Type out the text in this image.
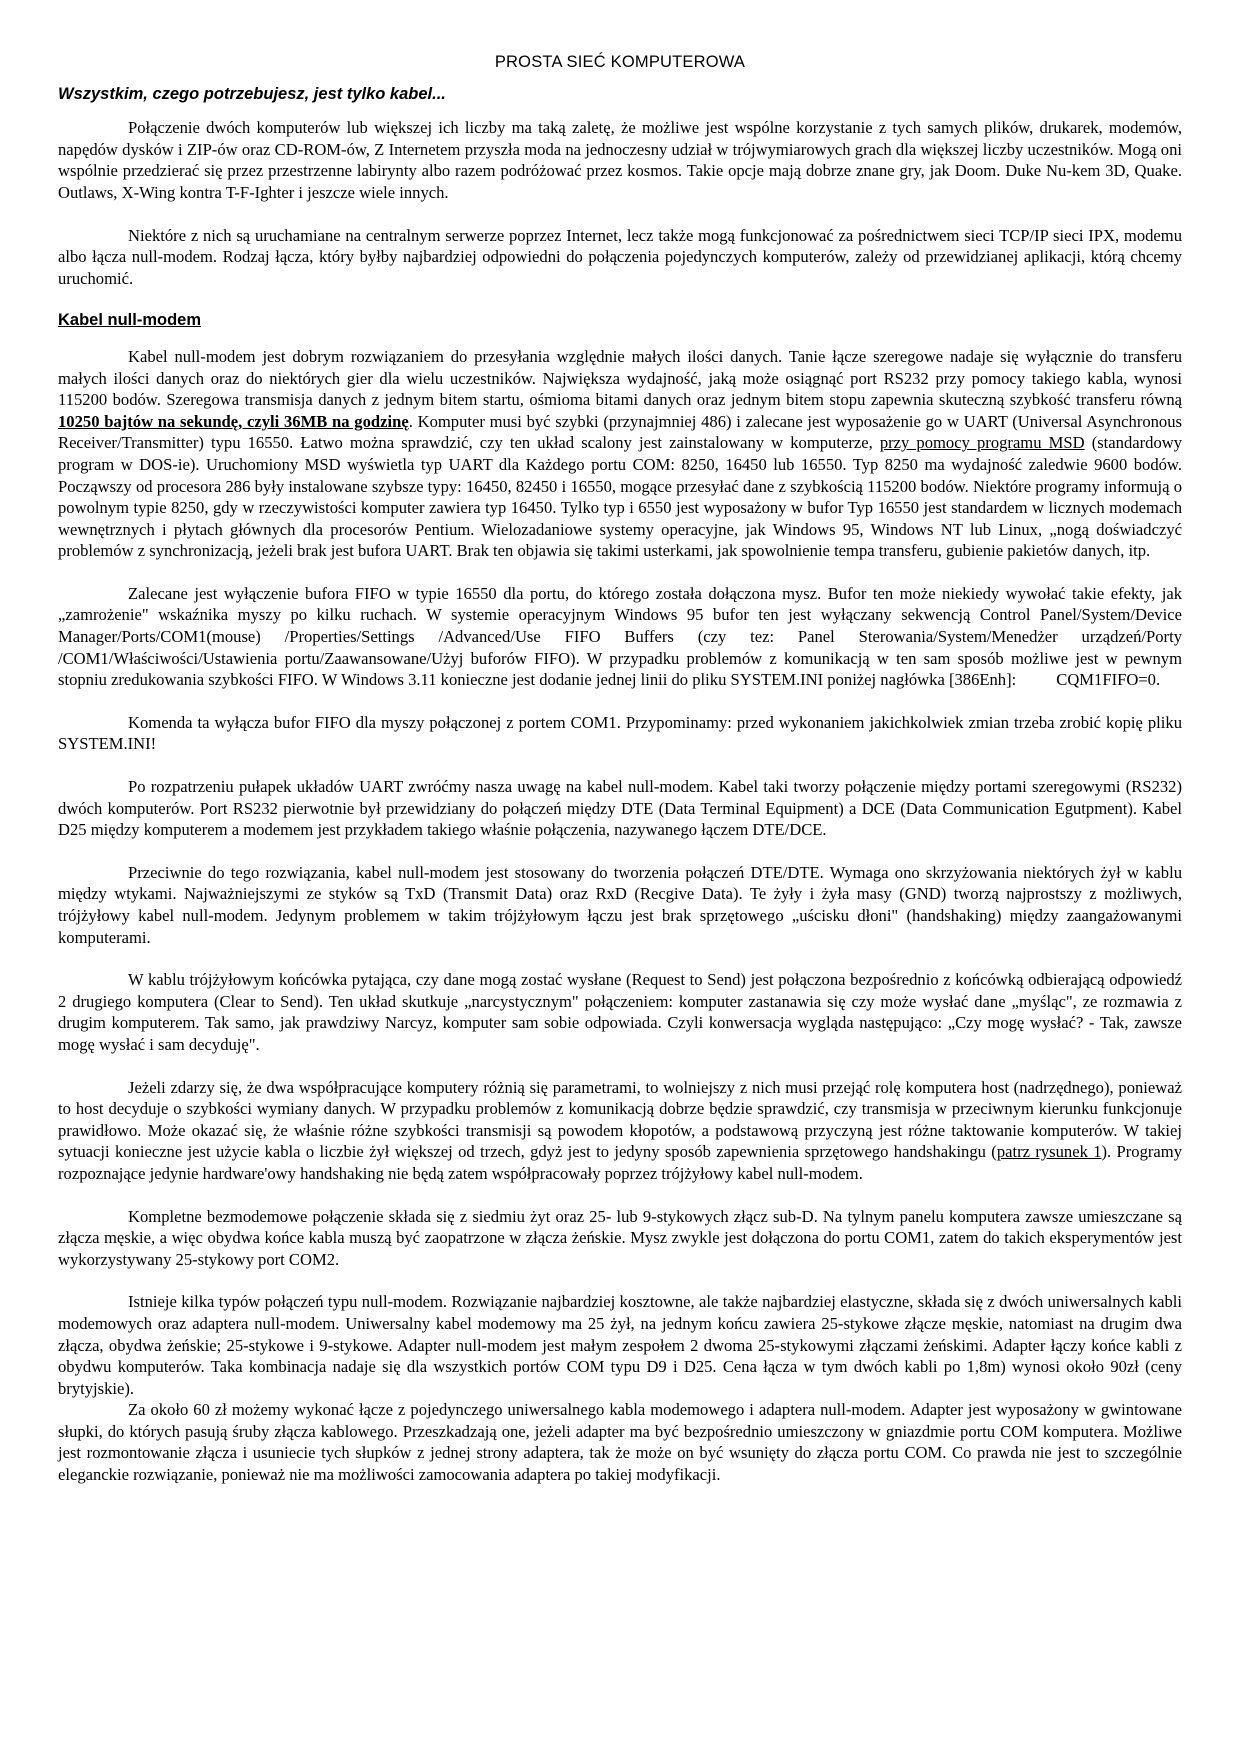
PROSTA SIEĆ KOMPUTEROWA
Wszystkim, czego potrzebujesz, jest tylko kabel...

Połączenie dwóch komputerów lub większej ich liczby ma taką zaletę, że możliwe jest wspólne korzystanie z tych samych plików, drukarek, modemów, napędów dysków i ZIP-ów oraz CD-ROM-ów, Z Internetem przyszła moda na jednoczesny udział w trójwymiarowych grach dla większej liczby uczestników. Mogą oni wspólnie przedzierać się przez przestrzenne labirynty albo razem podróżować przez kosmos. Takie opcje mają dobrze znane gry, jak Doom. Duke Nu-kem 3D, Quake. Outlaws, X-Wing kontra T-F-Ighter i jeszcze wiele innych.

Niektóre z nich są uruchamiane na centralnym serwerze poprzez Internet, lecz także mogą funkcjonować za pośrednictwem sieci TCP/IP sieci IPX, modemu albo łącza null-modem. Rodzaj łącza, który byłby najbardziej odpowiedni do połączenia pojedynczych komputerów, zależy od przewidzianej aplikacji, którą chcemy uruchomić.

Kabel null-modem

Kabel null-modem jest dobrym rozwiązaniem do przesyłania względnie małych ilości danych. Tanie łącze szeregowe nadaje się wyłącznie do transferu małych ilości danych oraz do niektórych gier dla wielu uczestników. Największa wydajność, jaką może osiągnąć port RS232 przy pomocy takiego kabla, wynosi 115200 bodów. Szeregowa transmisja danych z jednym bitem startu, ośmioma bitami danych oraz jednym bitem stopu zapewnia skuteczną szybkość transferu równą 10250 bajtów na sekundę, czyli 36MB na godzinę. Komputer musi być szybki (przynajmniej 486) i zalecane jest wyposażenie go w UART (Universal Asynchronous Receiver/Transmitter) typu 16550. Łatwo można sprawdzić, czy ten układ scalony jest zainstalowany w komputerze, przy pomocy programu MSD (standardowy program w DOS-ie). Uruchomiony MSD wyświetla typ UART dla Każdego portu COM: 8250, 16450 lub 16550. Typ 8250 ma wydajność zaledwie 9600 bodów. Począwszy od procesora 286 były instalowane szybsze typy: 16450, 82450 i 16550, mogące przesyłać dane z szybkością 115200 bodów. Niektóre programy informują o powolnym typie 8250, gdy w rzeczywistości komputer zawiera typ 16450. Tylko typ i 6550 jest wyposażony w bufor Typ 16550 jest standardem w licznych modemach wewnętrznych i płytach głównych dla procesorów Pentium. Wielozadaniowe systemy operacyjne, jak Windows 95, Windows NT lub Linux, „nogą doświadczyć problemów z synchronizacją, jeżeli brak jest bufora UART. Brak ten objawia się takimi usterkami, jak spowolnienie tempa transferu, gubienie pakietów danych, itp.

Zalecane jest wyłączenie bufora FIFO w typie 16550 dla portu, do którego została dołączona mysz. Bufor ten może niekiedy wywołać takie efekty, jak „zamrożenie" wskaźnika myszy po kilku ruchach. W systemie operacyjnym Windows 95 bufor ten jest wyłączany sekwencją Control Panel/System/Device Manager/Ports/COM1(mouse) /Properties/Settings /Advanced/Use FIFO Buffers (czy tez: Panel Sterowania/System/Menedżer urządzeń/Porty /COM1/Właściwości/Ustawienia portu/Zaawansowane/Użyj buforów FIFO). W przypadku problemów z komunikacją w ten sam sposób możliwe jest w pewnym stopniu zredukowania szybkości FIFO. W Windows 3.11 konieczne jest dodanie jednej linii do pliku SYSTEM.INI poniżej nagłówka [386Enh]: CQM1FIFO=0.

Komenda ta wyłącza bufor FIFO dla myszy połączonej z portem COM1. Przypominamy: przed wykonaniem jakichkolwiek zmian trzeba zrobić kopię pliku SYSTEM.INI!

Po rozpatrzeniu pułapek układów UART zwróćmy nasza uwagę na kabel null-modem. Kabel taki tworzy połączenie między portami szeregowymi (RS232) dwóch komputerów. Port RS232 pierwotnie był przewidziany do połączeń między DTE (Data Terminal Equipment) a DCE (Data Communication Egutpment). Kabel D25 między komputerem a modemem jest przykładem takiego właśnie połączenia, nazywanego łączem DTE/DCE.

Przeciwnie do tego rozwiązania, kabel null-modem jest stosowany do tworzenia połączeń DTE/DTE. Wymaga ono skrzyżowania niektórych żył w kablu między wtykami. Najważniejszymi ze styków są TxD (Transmit Data) oraz RxD (Recgive Data). Te żyły i żyła masy (GND) tworzą najprostszy z możliwych, trójżyłowy kabel null-modem. Jedynym problemem w takim trójżyłowym łączu jest brak sprzętowego „uścisku dłoni" (handshaking) między zaangażowanymi komputerami.

W kablu trójżyłowym końcówka pytająca, czy dane mogą zostać wysłane (Request to Send) jest połączona bezpośrednio z końcówką odbierającą odpowiedź 2 drugiego komputera (Clear to Send). Ten układ skutkuje „narcystycznym" połączeniem: komputer zastanawia się czy może wysłać dane „myśląc", ze rozmawia z drugim komputerem. Tak samo, jak prawdziwy Narcyz, komputer sam sobie odpowiada. Czyli konwersacja wygląda następująco: „Czy mogę wysłać? - Tak, zawsze mogę wysłać i sam decyduję".

Jeżeli zdarzy się, że dwa współpracujące komputery różnią się parametrami, to wolniejszy z nich musi przejąć rolę komputera host (nadrzędnego), ponieważ to host decyduje o szybkości wymiany danych. W przypadku problemów z komunikacją dobrze będzie sprawdzić, czy transmisja w przeciwnym kierunku funkcjonuje prawidłowo. Może okazać się, że właśnie różne szybkości transmisji są powodem kłopotów, a podstawową przyczyną jest różne taktowanie komputerów. W takiej sytuacji konieczne jest użycie kabla o liczbie żył większej od trzech, gdyż jest to jedyny sposób zapewnienia sprzętowego handshakingu (patrz rysunek 1). Programy rozpoznające jedynie hardware'owy handshaking nie będą zatem współpracowały poprzez trójżyłowy kabel null-modem.

Kompletne bezmodemowe połączenie składa się z siedmiu żyt oraz 25- lub 9-stykowych złącz sub-D. Na tylnym panelu komputera zawsze umieszczane są złącza męskie, a więc obydwa końce kabla muszą być zaopatrzone w złącza żeńskie. Mysz zwykle jest dołączona do portu COM1, zatem do takich eksperymentów jest wykorzystywany 25-stykowy port COM2.

Istnieje kilka typów połączeń typu null-modem. Rozwiązanie najbardziej kosztowne, ale także najbardziej elastyczne, składa się z dwóch uniwersalnych kabli modemowych oraz adaptera null-modem. Uniwersalny kabel modemowy ma 25 żył, na jednym końcu zawiera 25-stykowe złącze męskie, natomiast na drugim dwa złącza, obydwa żeńskie; 25-stykowe i 9-stykowe. Adapter null-modem jest małym zespołem 2 dwoma 25-stykowymi złączami żeńskimi. Adapter łączy końce kabli z obydwu komputerów. Taka kombinacja nadaje się dla wszystkich portów COM typu D9 i D25. Cena łącza w tym dwóch kabli po 1,8m) wynosi około 90zł (ceny brytyjskie).

Za około 60 zł możemy wykonać łącze z pojedynczego uniwersalnego kabla modemowego i adaptera null-modem. Adapter jest wyposażony w gwintowane słupki, do których pasują śruby złącza kablowego. Przeszkadzają one, jeżeli adapter ma być bezpośrednio umieszczony w gniazdmie portu COM komputera. Możliwe jest rozmontowanie złącza i usuniecie tych słupków z jednej strony adaptera, tak że może on być wsunięty do złącza portu COM. Co prawda nie jest to szczególnie eleganckie rozwiązanie, ponieważ nie ma możliwości zamocowania adaptera po takiej modyfikacji.
